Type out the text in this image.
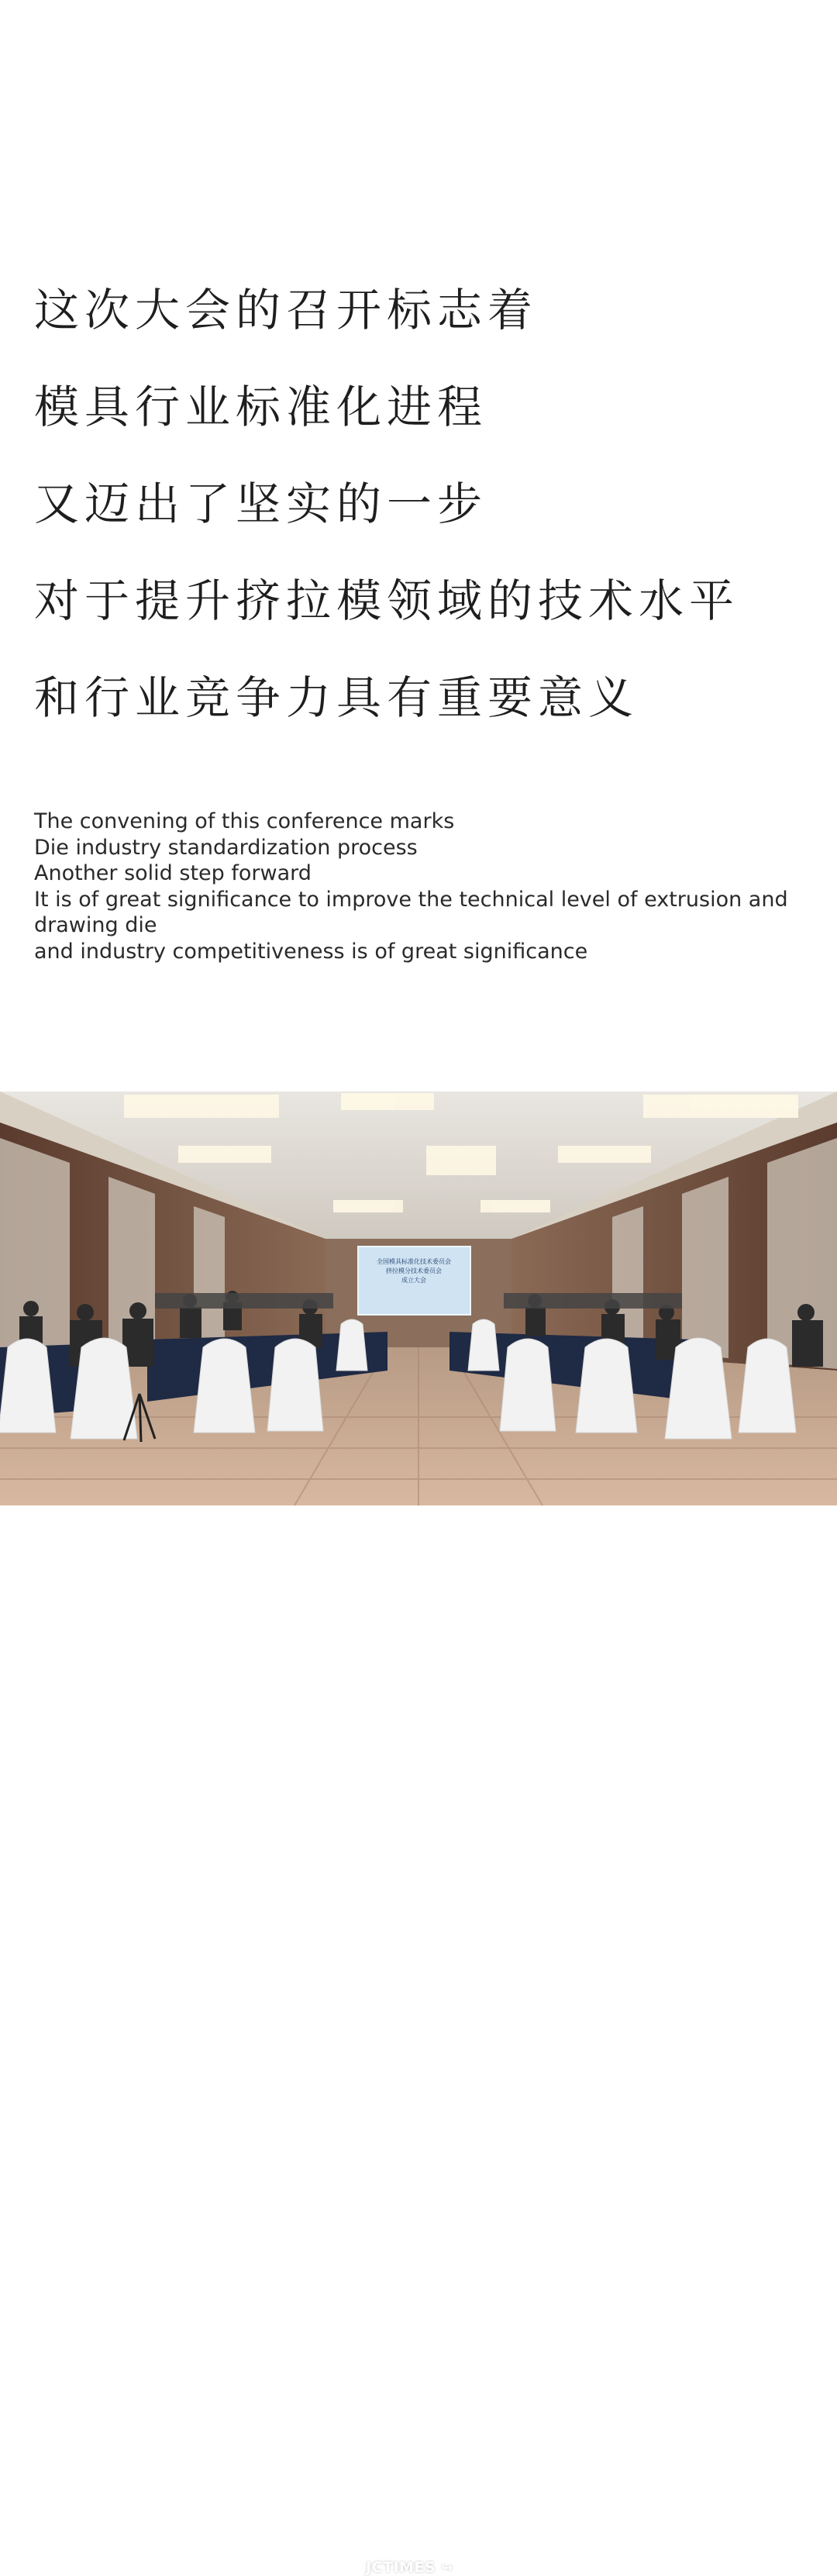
这次大会的召开标志着
模具行业标准化进程
又迈出了坚实的一步
对于提升挤拉模领域的技术水平
和行业竞争力具有重要意义
The convening of this conference marks
Die industry standardization process
Another solid step forward
It is of great significance to improve the technical level of extrusion and drawing die
and industry competitiveness is of great significance
全国模具标准化技术委员会
挤拉模分技术委员会
成立大会
JCTIMES ↪
